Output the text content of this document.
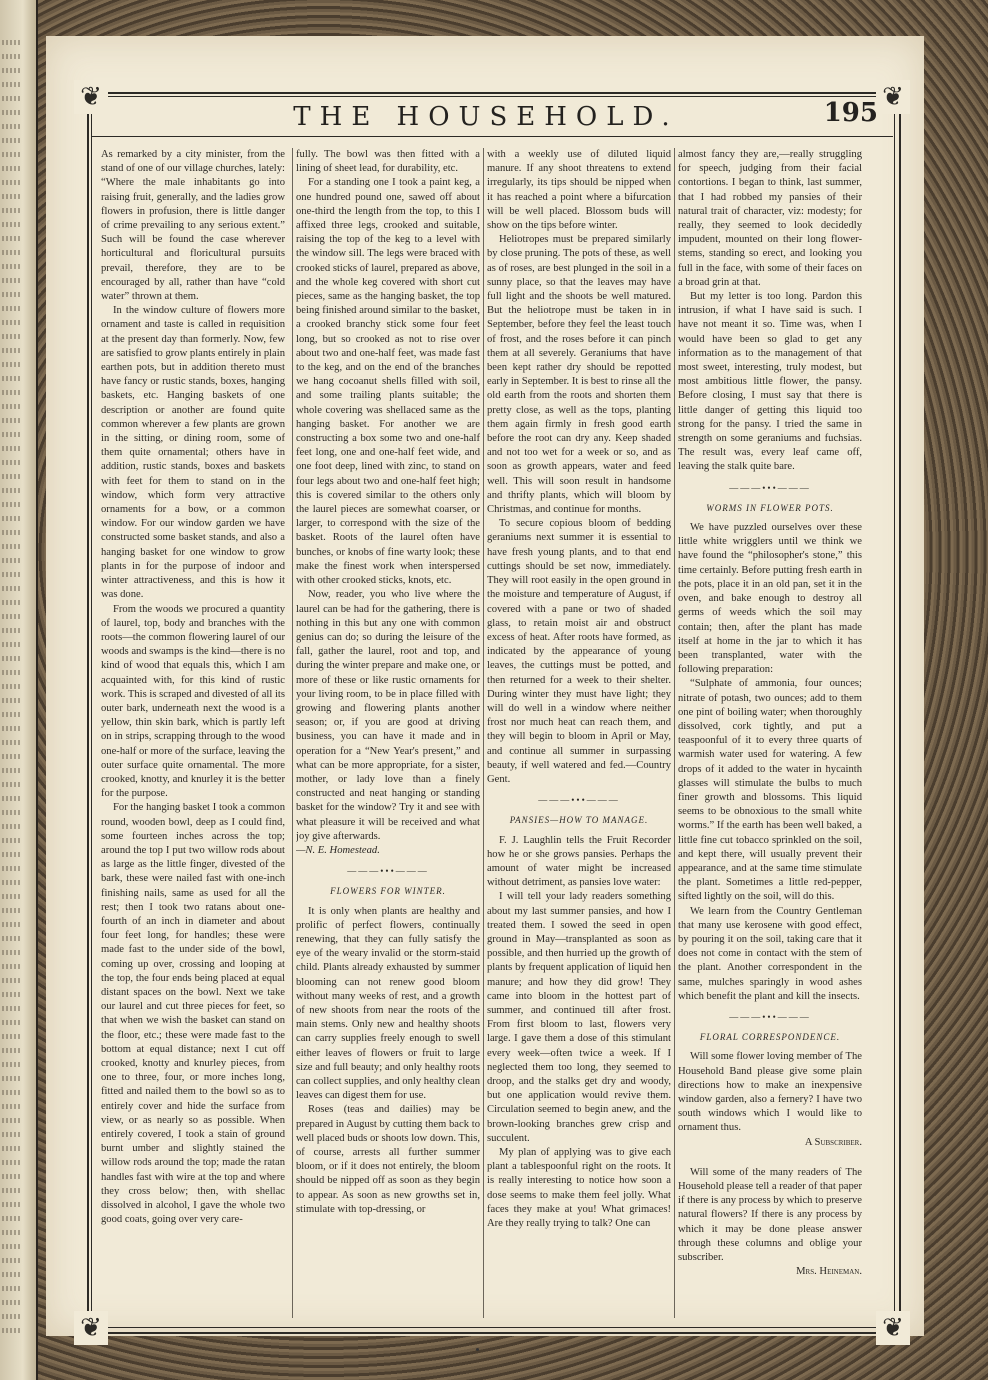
❦	❦
❦	❦
THE HOUSEHOLD.	195

As remarked by a city minister, from the stand of one of our village churches, lately: “Where the male inhabitants go into raising fruit, generally, and the ladies grow flowers in profusion, there is little danger of crime prevailing to any serious extent.” Such will be found the case wherever horticultural and floricultural pursuits prevail, therefore, they are to be encouraged by all, rather than have “cold water” thrown at them.

In the window culture of flowers more ornament and taste is called in requisition at the present day than formerly. Now, few are satisfied to grow plants entirely in plain earthen pots, but in addition thereto must have fancy or rustic stands, boxes, hanging baskets, etc. Hanging baskets of one description or another are found quite common wherever a few plants are grown in the sitting, or dining room, some of them quite ornamental; others have in addition, rustic stands, boxes and baskets with feet for them to stand on in the window, which form very attractive ornaments for a bow, or a common window. For our window garden we have constructed some basket stands, and also a hanging basket for one window to grow plants in for the purpose of indoor and winter attractiveness, and this is how it was done.

From the woods we procured a quantity of laurel, top, body and branches with the roots—the common flowering laurel of our woods and swamps is the kind—there is no kind of wood that equals this, which I am acquainted with, for this kind of rustic work. This is scraped and divested of all its outer bark, underneath next the wood is a yellow, thin skin bark, which is partly left on in strips, scrapping through to the wood one-half or more of the surface, leaving the outer surface quite ornamental. The more crooked, knotty, and knurley it is the better for the purpose.

For the hanging basket I took a common round, wooden bowl, deep as I could find, some fourteen inches across the top; around the top I put two willow rods about as large as the little finger, divested of the bark, these were nailed fast with one-inch finishing nails, same as used for all the rest; then I took two ratans about one-fourth of an inch in diameter and about four feet long, for handles; these were made fast to the under side of the bowl, coming up over, crossing and looping at the top, the four ends being placed at equal distant spaces on the bowl. Next we take our laurel and cut three pieces for feet, so that when we wish the basket can stand on the floor, etc.; these were made fast to the bottom at equal distance; next I cut off crooked, knotty and knurley pieces, from one to three, four, or more inches long, fitted and nailed them to the bowl so as to entirely cover and hide the surface from view, or as nearly so as possible. When entirely covered, I took a stain of ground burnt umber and slightly stained the willow rods around the top; made the ratan handles fast with wire at the top and where they cross below; then, with shellac dissolved in alcohol, I gave the whole two good coats, going over very care-

fully. The bowl was then fitted with a lining of sheet lead, for durability, etc.

For a standing one I took a paint keg, a one hundred pound one, sawed off about one-third the length from the top, to this I affixed three legs, crooked and suitable, raising the top of the keg to a level with the window sill. The legs were braced with crooked sticks of laurel, prepared as above, and the whole keg covered with short cut pieces, same as the hanging basket, the top being finished around similar to the basket, a crooked branchy stick some four feet long, but so crooked as not to rise over about two and one-half feet, was made fast to the keg, and on the end of the branches we hang cocoanut shells filled with soil, and some trailing plants suitable; the whole covering was shellaced same as the hanging basket. For another we are constructing a box some two and one-half feet long, one and one-half feet wide, and one foot deep, lined with zinc, to stand on four legs about two and one-half feet high; this is covered similar to the others only the laurel pieces are somewhat coarser, or larger, to correspond with the size of the basket. Roots of the laurel often have bunches, or knobs of fine warty look; these make the finest work when interspersed with other crooked sticks, knots, etc.

Now, reader, you who live where the laurel can be had for the gathering, there is nothing in this but any one with common genius can do; so during the leisure of the fall, gather the laurel, root and top, and during the winter prepare and make one, or more of these or like rustic ornaments for your living room, to be in place filled with growing and flowering plants another season; or, if you are good at driving business, you can have it made and in operation for a “New Year's present,” and what can be more appropriate, for a sister, mother, or lady love than a finely constructed and neat hanging or standing basket for the window? Try it and see with what pleasure it will be received and what joy give afterwards.

—N. E. Homestead.

———•••———

FLOWERS FOR WINTER.

It is only when plants are healthy and prolific of perfect flowers, continually renewing, that they can fully satisfy the eye of the weary invalid or the storm-staid child. Plants already exhausted by summer blooming can not renew good bloom without many weeks of rest, and a growth of new shoots from near the roots of the main stems. Only new and healthy shoots can carry supplies freely enough to swell either leaves of flowers or fruit to large size and full beauty; and only healthy roots can collect supplies, and only healthy clean leaves can digest them for use.

Roses (teas and dailies) may be prepared in August by cutting them back to well placed buds or shoots low down. This, of course, arrests all further summer bloom, or if it does not entirely, the bloom should be nipped off as soon as they begin to appear. As soon as new growths set in, stimulate with top-dressing, or

with a weekly use of diluted liquid manure. If any shoot threatens to extend irregularly, its tips should be nipped when it has reached a point where a bifurcation will be well placed. Blossom buds will show on the tips before winter.

Heliotropes must be prepared similarly by close pruning. The pots of these, as well as of roses, are best plunged in the soil in a sunny place, so that the leaves may have full light and the shoots be well matured. But the heliotrope must be taken in in September, before they feel the least touch of frost, and the roses before it can pinch them at all severely. Geraniums that have been kept rather dry should be repotted early in September. It is best to rinse all the old earth from the roots and shorten them pretty close, as well as the tops, planting them again firmly in fresh good earth before the root can dry any. Keep shaded and not too wet for a week or so, and as soon as growth appears, water and feed well. This will soon result in handsome and thrifty plants, which will bloom by Christmas, and continue for months.

To secure copious bloom of bedding geraniums next summer it is essential to have fresh young plants, and to that end cuttings should be set now, immediately. They will root easily in the open ground in the moisture and temperature of August, if covered with a pane or two of shaded glass, to retain moist air and obstruct excess of heat. After roots have formed, as indicated by the appearance of young leaves, the cuttings must be potted, and then returned for a week to their shelter. During winter they must have light; they will do well in a window where neither frost nor much heat can reach them, and they will begin to bloom in April or May, and continue all summer in surpassing beauty, if well watered and fed.—Country Gent.

———•••———

PANSIES—HOW TO MANAGE.

F. J. Laughlin tells the Fruit Recorder how he or she grows pansies. Perhaps the amount of water might be increased without detriment, as pansies love water:

I will tell your lady readers something about my last summer pansies, and how I treated them. I sowed the seed in open ground in May—transplanted as soon as possible, and then hurried up the growth of plants by frequent application of liquid hen manure; and how they did grow! They came into bloom in the hottest part of summer, and continued till after frost. From first bloom to last, flowers very large. I gave them a dose of this stimulant every week—often twice a week. If I neglected them too long, they seemed to droop, and the stalks get dry and woody, but one application would revive them. Circulation seemed to begin anew, and the brown-looking branches grew crisp and succulent.

My plan of applying was to give each plant a tablespoonful right on the roots. It is really interesting to notice how soon a dose seems to make them feel jolly. What faces they make at you! What grimaces! Are they really trying to talk? One can

almost fancy they are,—really struggling for speech, judging from their facial contortions. I began to think, last summer, that I had robbed my pansies of their natural trait of character, viz: modesty; for really, they seemed to look decidedly impudent, mounted on their long flower-stems, standing so erect, and looking you full in the face, with some of their faces on a broad grin at that.

But my letter is too long. Pardon this intrusion, if what I have said is such. I have not meant it so. Time was, when I would have been so glad to get any information as to the management of that most sweet, interesting, truly modest, but most ambitious little flower, the pansy. Before closing, I must say that there is little danger of getting this liquid too strong for the pansy. I tried the same in strength on some geraniums and fuchsias. The result was, every leaf came off, leaving the stalk quite bare.

———•••———

WORMS IN FLOWER POTS.

We have puzzled ourselves over these little white wrigglers until we think we have found the “philosopher's stone,” this time certainly. Before putting fresh earth in the pots, place it in an old pan, set it in the oven, and bake enough to destroy all germs of weeds which the soil may contain; then, after the plant has made itself at home in the jar to which it has been transplanted, water with the following preparation:

“Sulphate of ammonia, four ounces; nitrate of potash, two ounces; add to them one pint of boiling water; when thoroughly dissolved, cork tightly, and put a teaspoonful of it to every three quarts of warmish water used for watering. A few drops of it added to the water in hycainth glasses will stimulate the bulbs to much finer growth and blossoms. This liquid seems to be obnoxious to the small white worms.” If the earth has been well baked, a little fine cut tobacco sprinkled on the soil, and kept there, will usually prevent their appearance, and at the same time stimulate the plant. Sometimes a little red-pepper, sifted lightly on the soil, will do this.

We learn from the Country Gentleman that many use kerosene with good effect, by pouring it on the soil, taking care that it does not come in contact with the stem of the plant. Another correspondent in the same, mulches sparingly in wood ashes which benefit the plant and kill the insects.

———•••———

FLORAL CORRESPONDENCE.

Will some flower loving member of The Household Band please give some plain directions how to make an inexpensive window garden, also a fernery? I have two south windows which I would like to ornament thus.

A Subscriber.

Will some of the many readers of The Household please tell a reader of that paper if there is any process by which to preserve natural flowers? If there is any process by which it may be done please answer through these columns and oblige your subscriber.

Mrs. Heineman.
